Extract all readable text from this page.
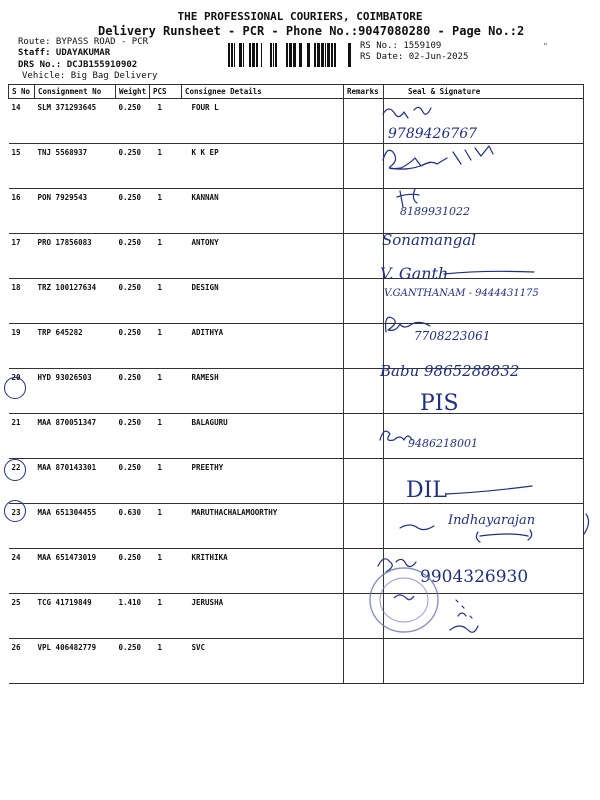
THE PROFESSIONAL COURIERS, COIMBATORE
Delivery Runsheet - PCR - Phone No.:9047080280 - Page No.:2
Route: BYPASS ROAD - PCR
Staff: UDAYAKUMAR
DRS No.: DCJB155910902
Vehicle: Big Bag Delivery
RS No.: 1559109
RS Date: 02-Jun-2025
"
S No	Consignment No	Weight	PCS	Consignee Details	Remarks	Seal & Signature
14	SLM 371293645	0.250	1	FOUR L		
15	TNJ 5568937	0.250	1	K K EP		
16	PON 7929543	0.250	1	KANNAN		
17	PRO 17856083	0.250	1	ANTONY		
18	TRZ 100127634	0.250	1	DESIGN		
19	TRP 645282	0.250	1	ADITHYA		
20	HYD 93026503	0.250	1	RAMESH		
21	MAA 870051347	0.250	1	BALAGURU		
22	MAA 870143301	0.250	1	PREETHY		
23	MAA 651304455	0.630	1	MARUTHACHALAMOORTHY		
24	MAA 651473019	0.250	1	KRITHIKA		
25	TCG 41719849	1.410	1	JERUSHA		
26	VPL 406482779	0.250	1	SVC		
9789426767
8189931022
Sonamangal
V. Ganth
V.GANTHANAM - 9444431175
7708223061
Babu 9865288832
PIS
9486218001
DIL
Indhayarajan
9904326930
